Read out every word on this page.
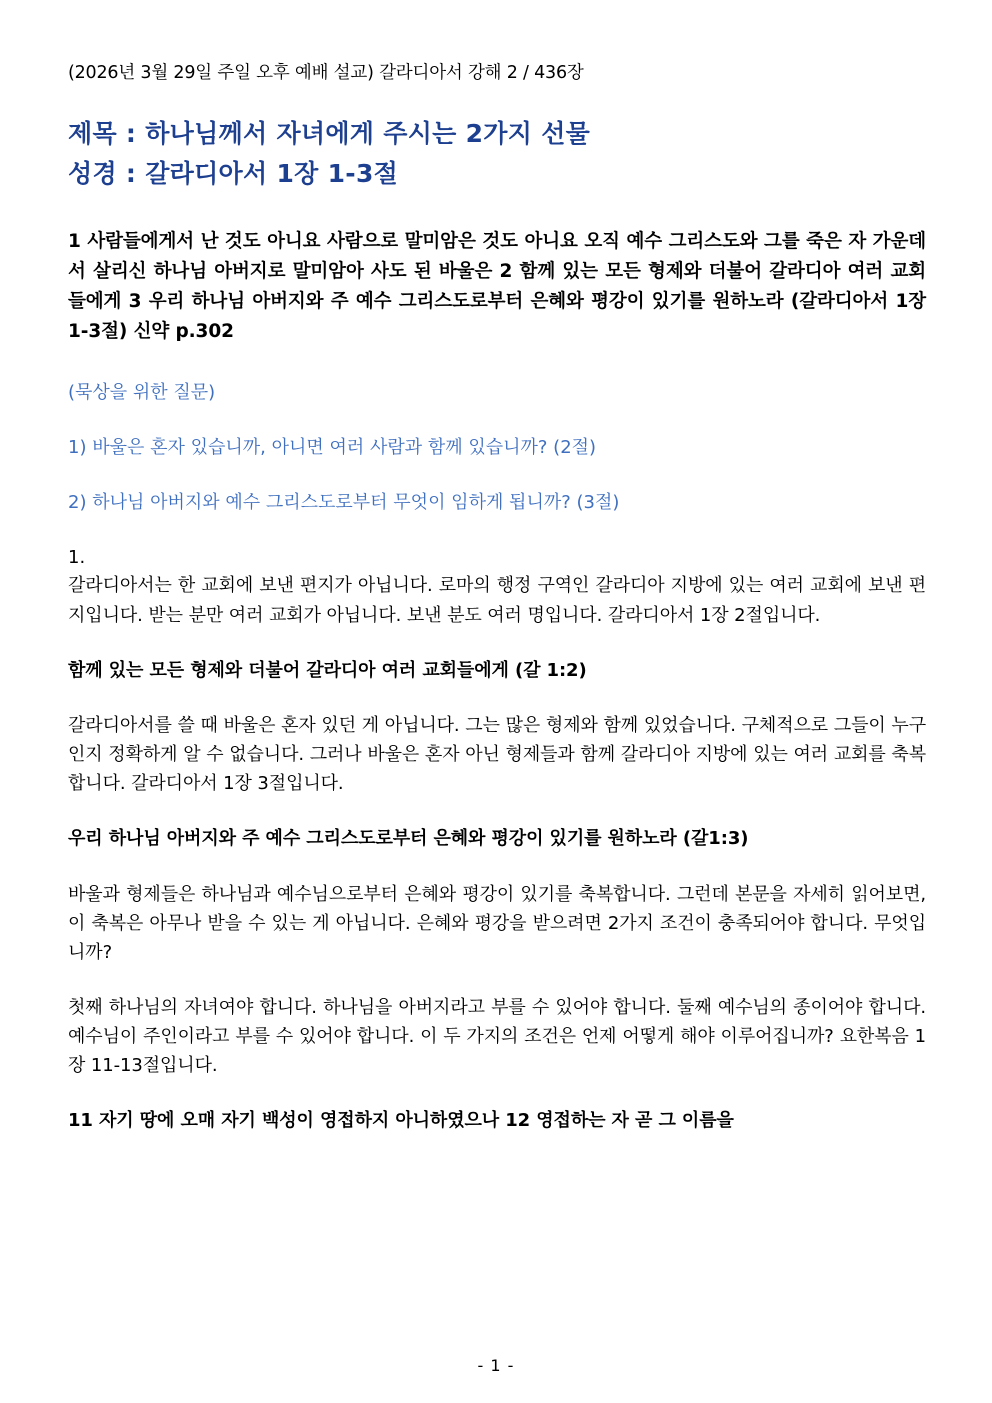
(2026년 3월 29일 주일 오후 예배 설교) 갈라디아서 강해 2 / 436장
제목 : 하나님께서 자녀에게 주시는 2가지 선물
성경 : 갈라디아서 1장 1-3절
1 사람들에게서 난 것도 아니요 사람으로 말미암은 것도 아니요 오직 예수 그리스도와 그를 죽은 자 가운데서 살리신 하나님 아버지로 말미암아 사도 된 바울은 2 함께 있는 모든 형제와 더불어 갈라디아 여러 교회들에게 3 우리 하나님 아버지와 주 예수 그리스도로부터 은혜와 평강이 있기를 원하노라 (갈라디아서 1장 1-3절) 신약 p.302
(묵상을 위한 질문)
1) 바울은 혼자 있습니까, 아니면 여러 사람과 함께 있습니까? (2절)
2) 하나님 아버지와 예수 그리스도로부터 무엇이 임하게 됩니까? (3절)
1.
갈라디아서는 한 교회에 보낸 편지가 아닙니다. 로마의 행정 구역인 갈라디아 지방에 있는 여러 교회에 보낸 편지입니다. 받는 분만 여러 교회가 아닙니다. 보낸 분도 여러 명입니다. 갈라디아서 1장 2절입니다.
함께 있는 모든 형제와 더불어 갈라디아 여러 교회들에게 (갈 1:2)
갈라디아서를 쓸 때 바울은 혼자 있던 게 아닙니다. 그는 많은 형제와 함께 있었습니다. 구체적으로 그들이 누구인지 정확하게 알 수 없습니다. 그러나 바울은 혼자 아닌 형제들과 함께 갈라디아 지방에 있는 여러 교회를 축복합니다. 갈라디아서 1장 3절입니다.
우리 하나님 아버지와 주 예수 그리스도로부터 은혜와 평강이 있기를 원하노라 (갈1:3)
바울과 형제들은 하나님과 예수님으로부터 은혜와 평강이 있기를 축복합니다. 그런데 본문을 자세히 읽어보면, 이 축복은 아무나 받을 수 있는 게 아닙니다. 은혜와 평강을 받으려면 2가지 조건이 충족되어야 합니다. 무엇입니까?
첫째 하나님의 자녀여야 합니다. 하나님을 아버지라고 부를 수 있어야 합니다. 둘째 예수님의 종이어야 합니다. 예수님이 주인이라고 부를 수 있어야 합니다. 이 두 가지의 조건은 언제 어떻게 해야 이루어집니까? 요한복음 1장 11-13절입니다.
11 자기 땅에 오매 자기 백성이 영접하지 아니하였으나 12 영접하는 자 곧 그 이름을
- 1 -
